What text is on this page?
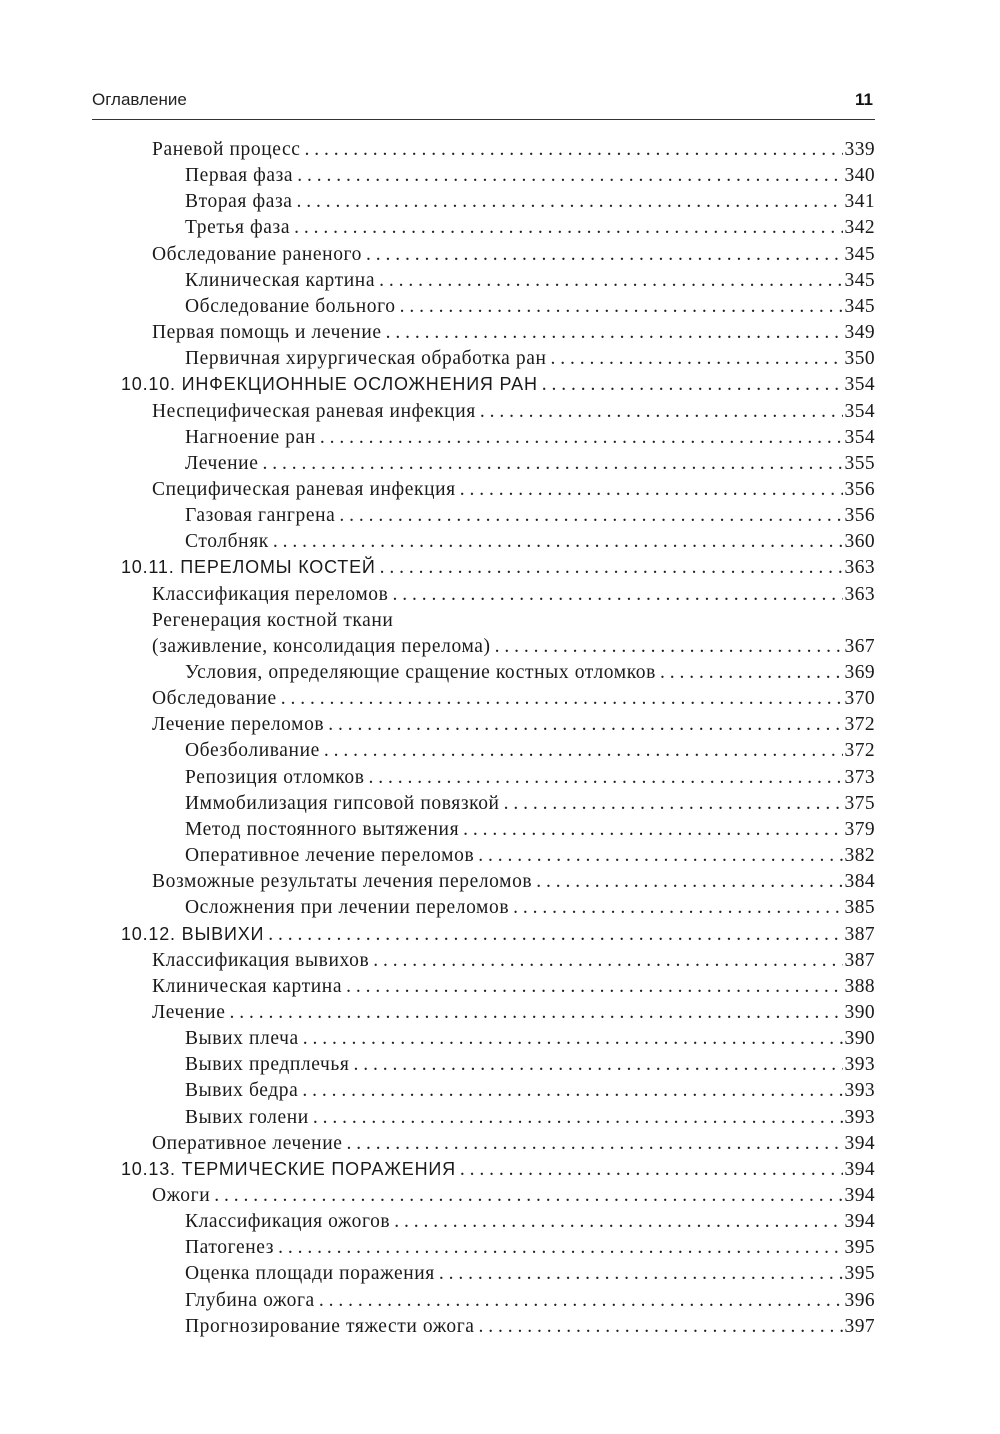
Оглавление	11
Раневой процесс . . .	339
Первая фаза . . .	340
Вторая фаза . . .	341
Третья фаза . . .	342
Обследование раненого . . .	345
Клиническая картина . . .	345
Обследование больного . . .	345
Первая помощь и лечение . . .	349
Первичная хирургическая обработка ран . . .	350
10.10. ИНФЕКЦИОННЫЕ ОСЛОЖНЕНИЯ РАН . . .	354
Неспецифическая раневая инфекция . . .	354
Нагноение ран . . .	354
Лечение . . .	355
Специфическая раневая инфекция . . .	356
Газовая гангрена . . .	356
Столбняк . . .	360
10.11. ПЕРЕЛОМЫ КОСТЕЙ . . .	363
Классификация переломов . . .	363
Регенерация костной ткани
(заживление, консолидация перелома) . . .	367
Условия, определяющие сращение костных отломков . . .	369
Обследование . . .	370
Лечение переломов . . .	372
Обезболивание . . .	372
Репозиция отломков . . .	373
Иммобилизация гипсовой повязкой . . .	375
Метод постоянного вытяжения . . .	379
Оперативное лечение переломов . . .	382
Возможные результаты лечения переломов . . .	384
Осложнения при лечении переломов . . .	385
10.12. ВЫВИХИ . . .	387
Классификация вывихов . . .	387
Клиническая картина . . .	388
Лечение . . .	390
Вывих плеча . . .	390
Вывих предплечья . . .	393
Вывих бедра . . .	393
Вывих голени . . .	393
Оперативное лечение . . .	394
10.13. ТЕРМИЧЕСКИЕ ПОРАЖЕНИЯ . . .	394
Ожоги . . .	394
Классификация ожогов . . .	394
Патогенез . . .	395
Оценка площади поражения . . .	395
Глубина ожога . . .	396
Прогнозирование тяжести ожога . . .	397
